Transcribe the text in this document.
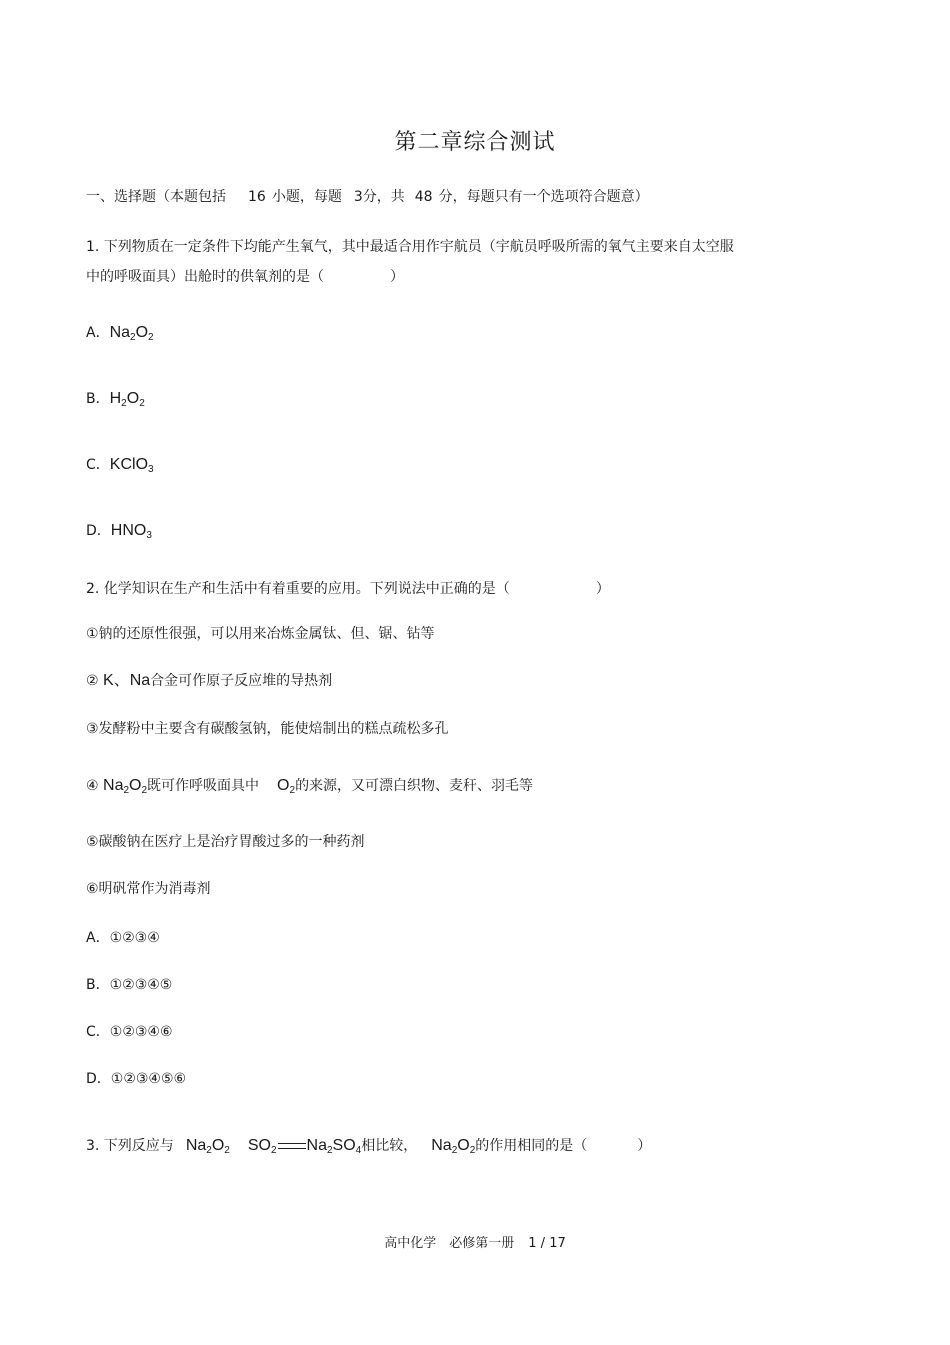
第二章综合测试
一、选择题（本题包括 16 小题，每题 3分，共 48 分，每题只有一个选项符合题意）
1. 下列物质在一定条件下均能产生氧气，其中最适合用作宇航员（宇航员呼吸所需的氧气主要来自太空服
中的呼吸面具）出舱时的供氧剂的是（	）
A．$Na_2O_2$
B．$H_2O_2$
C．KClO$_3$
D．$HNO_3$
2. 化学知识在生产和生活中有着重要的应用。下列说法中正确的是（	）
①钠的还原性很强，可以用来冶炼金属钛、但、锯、钻等
② K、Na合金可作原子反应堆的导热剂
③发酵粉中主要含有碳酸氢钠，能使焙制出的糕点疏松多孔
④ $Na_2O_2$既可作呼吸面具中 $O_2$的来源，又可漂白织物、麦秆、羽毛等
⑤碳酸钠在医疗上是治疗胃酸过多的一种药剂
⑥明矾常作为消毒剂
A．①②③④
B．①②③④⑤
C．①②③④⑥
D．①②③④⑤⑥
3. 下列反应与 $Na_2O_2$ $SO_2$ $Na_2SO_4$相比较， $Na_2O_2$的作用相同的是（	）
高中化学　必修第一册 1 / 17
